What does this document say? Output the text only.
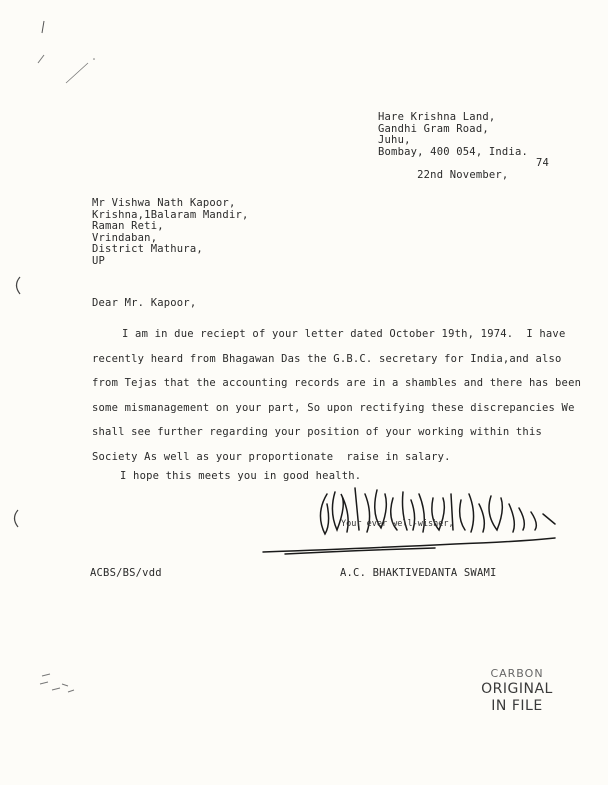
Hare Krishna Land,
Gandhi Gram Road,
Juhu,
Bombay, 400 054, India.

22nd November,

74

Mr Vishwa Nath Kapoor,
Krishna,1Balaram Mandir,
Raman Reti,
Vrindaban,
District Mathura,
UP
Dear Mr. Kapoor,
I am in due reciept of your letter dated October 19th, 1974.  I have
recently heard from Bhagawan Das the G.B.C. secretary for India,and also
from Tejas that the accounting records are in a shambles and there has been
some mismanagement on your part, So upon rectifying these discrepancies We
shall see further regarding your position of your working within this
Society As well as your proportionate  raise in salary.
I hope this meets you in good health.
Your ever well-wisher,
ACBS/BS/vdd	A.C. BHAKTIVEDANTA SWAMI
CARBON
ORIGINAL
IN FILE
